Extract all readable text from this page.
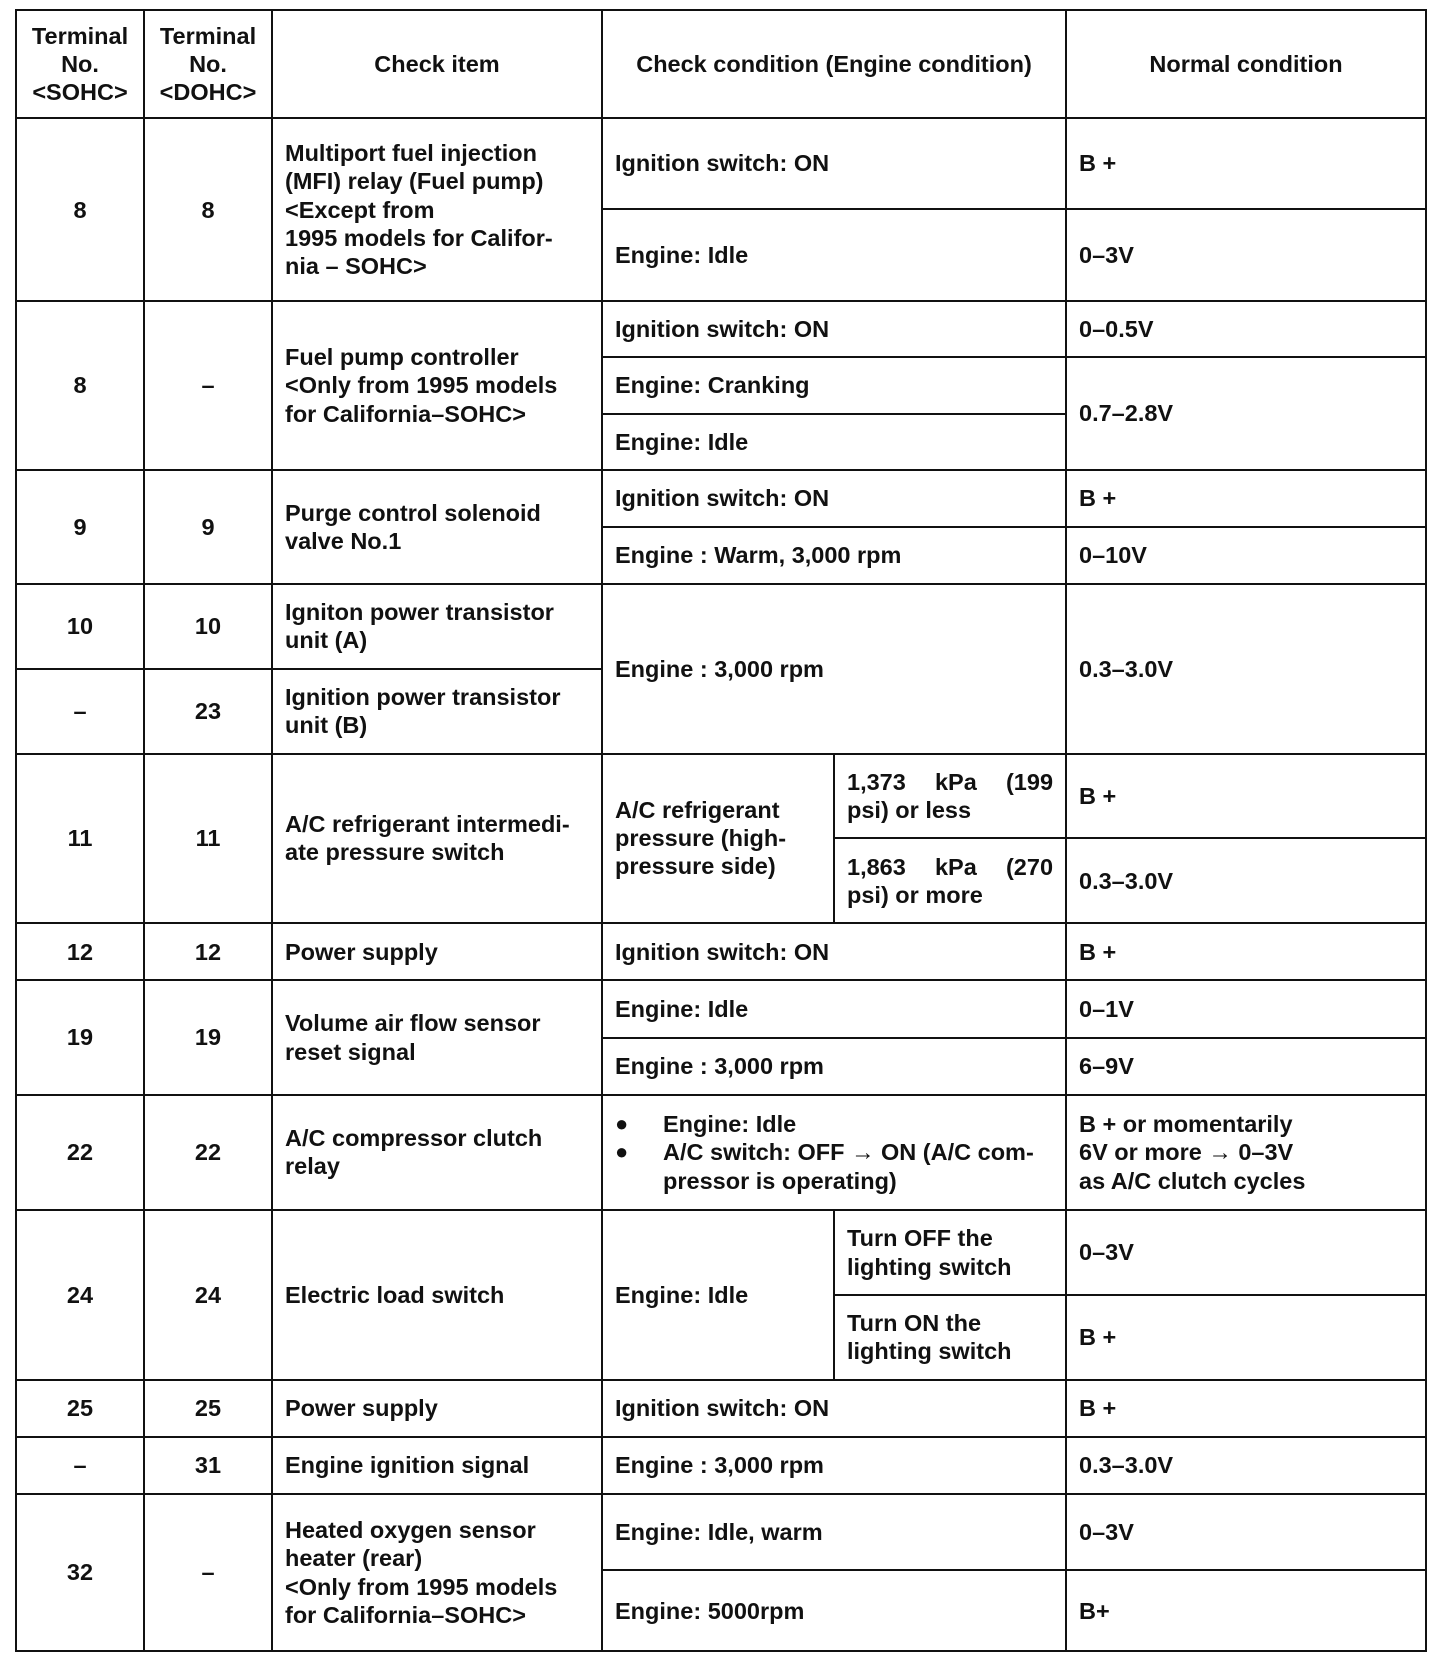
Terminal
No.
<SOHC>	Terminal
No.
<DOHC>	Check item	Check condition (Engine condition)		Normal condition
8	8	Multiport fuel injection
(MFI) relay (Fuel pump)
<Except from
1995 models for Califor-
nia – SOHC>	Ignition switch: ON		B +
			Engine: Idle		0–3V
8	–	Fuel pump controller
<Only from 1995 models
for California–SOHC>	Ignition switch: ON		0–0.5V
			Engine: Cranking		0.7–2.8V
			Engine: Idle		
9	9	Purge control solenoid
valve No.1	Ignition switch: ON		B +
			Engine : Warm, 3,000 rpm		0–10V
10	10	Igniton power transistor
unit (A)	Engine : 3,000 rpm		0.3–3.0V
–	23	Ignition power transistor
unit (B)			

11	11	A/C refrigerant intermedi-
ate pressure switch	A/C refrigerant
pressure (high-
pressure side)	1,373 kPa (199 psi) or less	B +
				1,863 kPa (270 psi) or more	0.3–3.0V
12	12	Power supply	Ignition switch: ON		B +
19	19	Volume air flow sensor
reset signal	Engine: Idle		0–1V
			Engine : 3,000 rpm		6–9V
22	22	A/C compressor clutch
relay	● Engine: Idle
● A/C switch: OFF → ON (A/C com-
pressor is operating)		B + or momentarily
6V or more → 0–3V
as A/C clutch cycles

24	24	Electric load switch	Engine: Idle	Turn OFF the
lighting switch	0–3V

				Turn ON the
lighting switch	B +
25	25	Power supply	Ignition switch: ON		B +
–	31	Engine ignition signal	Engine : 3,000 rpm		0.3–3.0V
32	–	Heated oxygen sensor
heater (rear)
<Only from 1995 models
for California–SOHC>	Engine: Idle, warm		0–3V
			Engine: 5000rpm		B+
